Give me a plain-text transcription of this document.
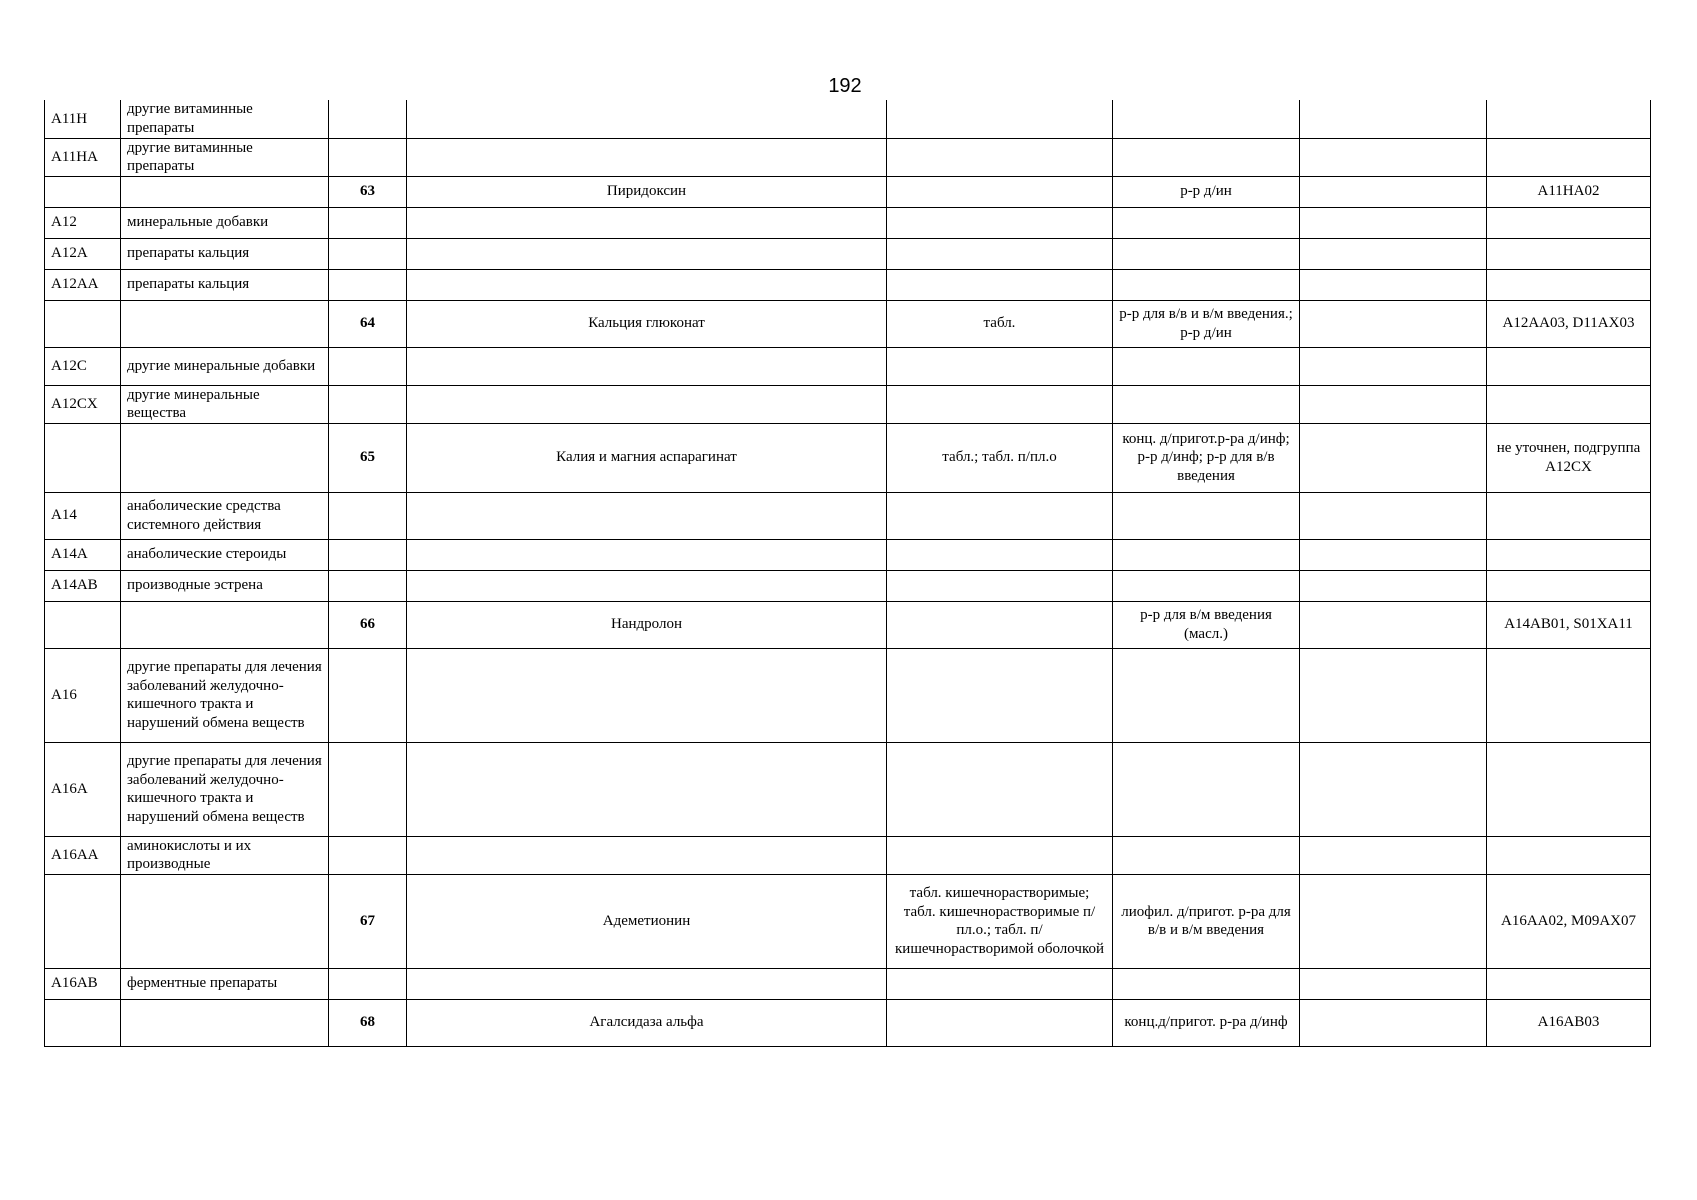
192
A11H	другие витаминные препараты						
A11HA	другие витаминные препараты						
		63	Пиридоксин		р-р д/ин		A11HA02
A12	минеральные добавки						
A12A	препараты кальция						
A12AA	препараты кальция						
		64	Кальция глюконат	табл.	р-р для в/в и в/м введения.; р-р д/ин		A12AA03, D11AX03
A12C	другие минеральные добавки						
A12CX	другие минеральные вещества						
		65	Калия и магния аспарагинат	табл.; табл. п/пл.о	конц. д/пригот.р-ра д/инф; р-р д/инф; р-р для в/в введения		не уточнен, подгруппа A12CX
A14	анаболические средства системного действия						
A14A	анаболические стероиды						
A14AB	производные эстрена						
		66	Нандролон		р-р для в/м введения (масл.)		A14AB01, S01XA11
A16	другие препараты для лечения заболеваний желудочно-кишечного тракта и нарушений обмена веществ						
A16A	другие препараты для лечения заболеваний желудочно-кишечного тракта и нарушений обмена веществ						
A16AA	аминокислоты и их производные						
		67	Адеметионин	табл. кишечнорастворимые; табл. кишечнорастворимые п/пл.о.; табл. п/кишечнорастворимой оболочкой	лиофил. д/пригот. р-ра для в/в и в/м введения		A16AA02, M09AX07
A16AB	ферментные препараты						
		68	Агалсидаза альфа		конц.д/пригот. р-ра д/инф		A16AB03
